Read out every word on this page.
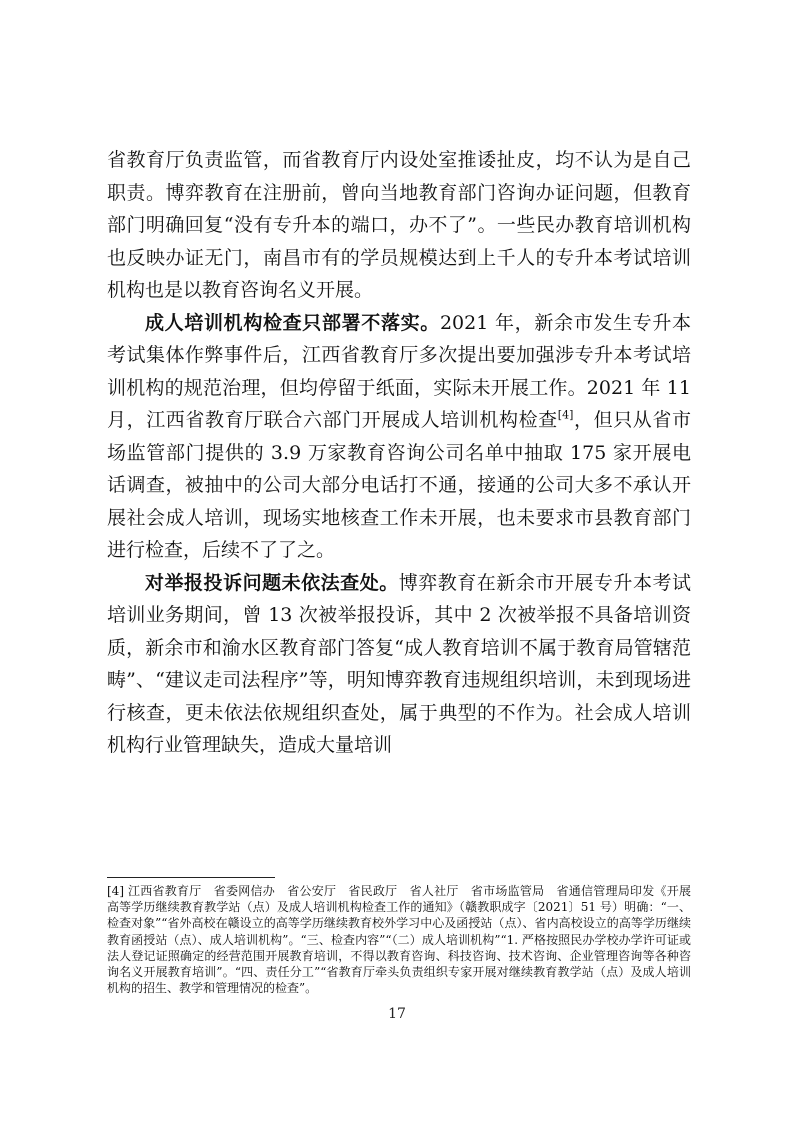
省教育厅负责监管，而省教育厅内设处室推诿扯皮，均不认为是自己职责。博弈教育在注册前，曾向当地教育部门咨询办证问题，但教育部门明确回复“没有专升本的端口，办不了”。一些民办教育培训机构也反映办证无门，南昌市有的学员规模达到上千人的专升本考试培训机构也是以教育咨询名义开展。

成人培训机构检查只部署不落实。2021 年，新余市发生专升本考试集体作弊事件后，江西省教育厅多次提出要加强涉专升本考试培训机构的规范治理，但均停留于纸面，实际未开展工作。2021 年 11 月，江西省教育厅联合六部门开展成人培训机构检查[4]，但只从省市场监管部门提供的 3.9 万家教育咨询公司名单中抽取 175 家开展电话调查，被抽中的公司大部分电话打不通，接通的公司大多不承认开展社会成人培训，现场实地核查工作未开展，也未要求市县教育部门进行检查，后续不了了之。

对举报投诉问题未依法查处。博弈教育在新余市开展专升本考试培训业务期间，曾 13 次被举报投诉，其中 2 次被举报不具备培训资质，新余市和渝水区教育部门答复“成人教育培训不属于教育局管辖范畴”、“建议走司法程序”等，明知博弈教育违规组织培训，未到现场进行核查，更未依法依规组织查处，属于典型的不作为。社会成人培训机构行业管理缺失，造成大量培训

[4] 江西省教育厅　省委网信办　省公安厅　省民政厅　省人社厅　省市场监管局　省通信管理局印发《开展高等学历继续教育教学站（点）及成人培训机构检查工作的通知》（赣教职成字〔2021〕51 号）明确：“一、检查对象”“省外高校在赣设立的高等学历继续教育校外学习中心及函授站（点）、省内高校设立的高等学历继续教育函授站（点）、成人培训机构”。“三、检查内容”“（二）成人培训机构”“1. 严格按照民办学校办学许可证或法人登记证照确定的经营范围开展教育培训，不得以教育咨询、科技咨询、技术咨询、企业管理咨询等各种咨询名义开展教育培训”。“四、责任分工”“省教育厅牵头负责组织专家开展对继续教育教学站（点）及成人培训机构的招生、教学和管理情况的检查”。
17
